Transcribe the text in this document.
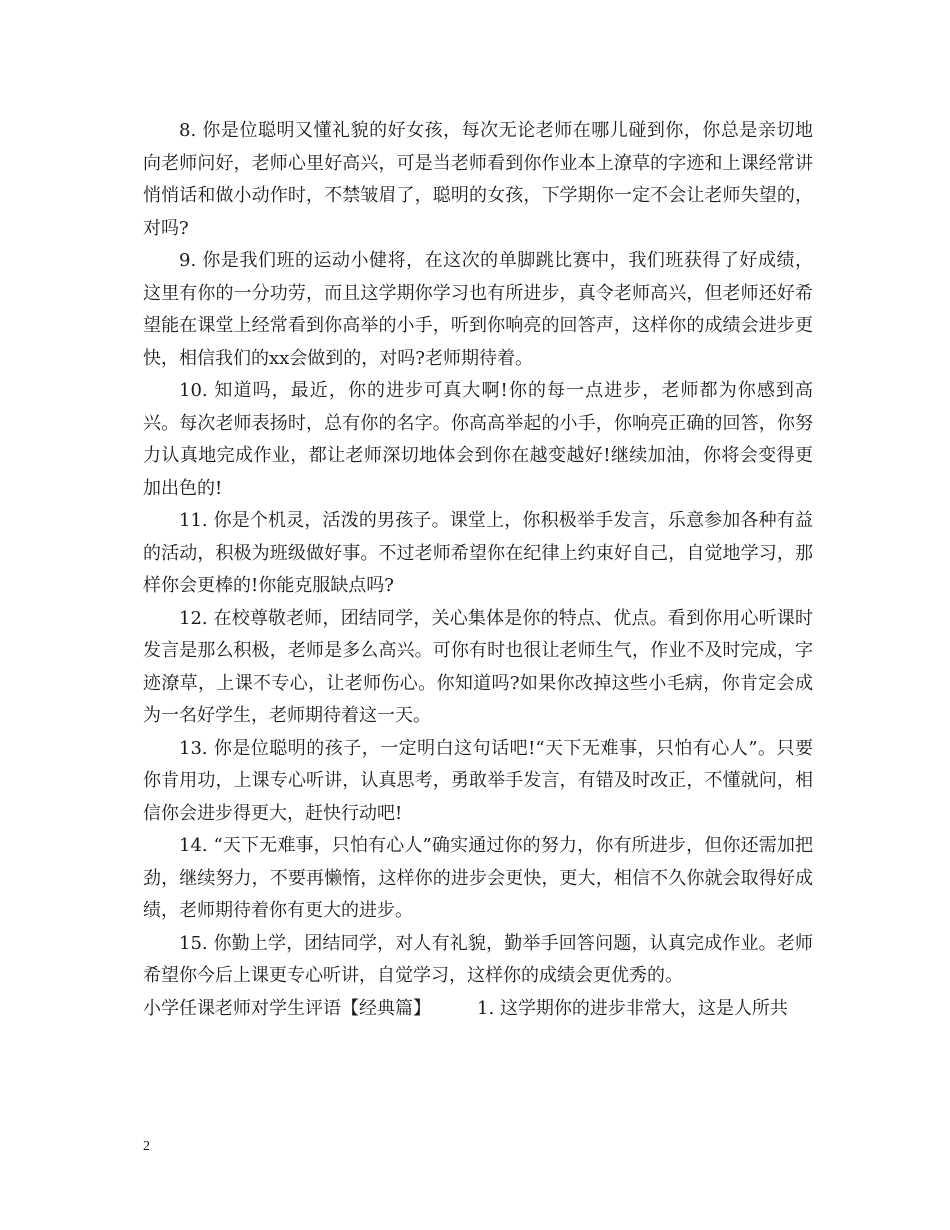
8. 你是位聪明又懂礼貌的好女孩，每次无论老师在哪儿碰到你，你总是亲切地向老师问好，老师心里好高兴，可是当老师看到你作业本上潦草的字迹和上课经常讲悄悄话和做小动作时，不禁皱眉了，聪明的女孩，下学期你一定不会让老师失望的，对吗?

9. 你是我们班的运动小健将，在这次的单脚跳比赛中，我们班获得了好成绩，这里有你的一分功劳，而且这学期你学习也有所进步，真令老师高兴，但老师还好希望能在课堂上经常看到你高举的小手，听到你响亮的回答声，这样你的成绩会进步更快，相信我们的xx会做到的，对吗?老师期待着。

10. 知道吗，最近，你的进步可真大啊!你的每一点进步，老师都为你感到高兴。每次老师表扬时，总有你的名字。你高高举起的小手，你响亮正确的回答，你努力认真地完成作业，都让老师深切地体会到你在越变越好!继续加油，你将会变得更加出色的!

11. 你是个机灵，活泼的男孩子。课堂上，你积极举手发言，乐意参加各种有益的活动，积极为班级做好事。不过老师希望你在纪律上约束好自己，自觉地学习，那样你会更棒的!你能克服缺点吗?

12. 在校尊敬老师，团结同学，关心集体是你的特点、优点。看到你用心听课时发言是那么积极，老师是多么高兴。可你有时也很让老师生气，作业不及时完成，字迹潦草，上课不专心，让老师伤心。你知道吗?如果你改掉这些小毛病，你肯定会成为一名好学生，老师期待着这一天。

13. 你是位聪明的孩子，一定明白这句话吧!“天下无难事，只怕有心人”。只要你肯用功，上课专心听讲，认真思考，勇敢举手发言，有错及时改正，不懂就问，相信你会进步得更大，赶快行动吧!

14. “天下无难事，只怕有心人”确实通过你的努力，你有所进步，但你还需加把劲，继续努力，不要再懒惰，这样你的进步会更快，更大，相信不久你就会取得好成绩，老师期待着你有更大的进步。

15. 你勤上学，团结同学，对人有礼貌，勤举手回答问题，认真完成作业。老师希望你今后上课更专心听讲，自觉学习，这样你的成绩会更优秀的。

小学任课老师对学生评语【经典篇】	1. 这学期你的进步非常大，这是人所共

2
